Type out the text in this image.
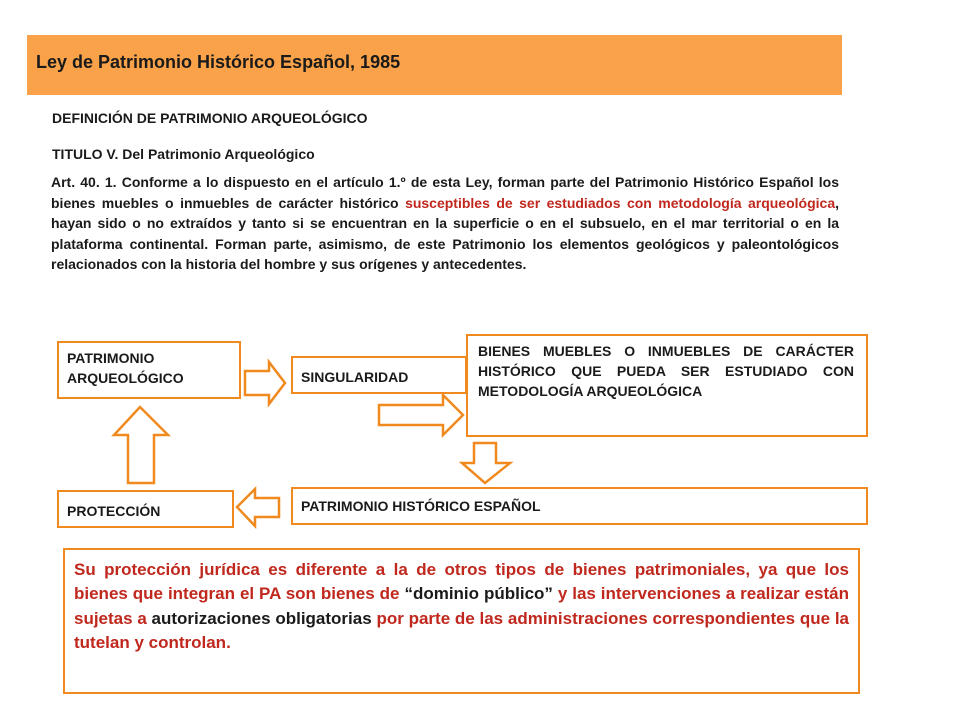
Ley de Patrimonio Histórico Español, 1985
DEFINICIÓN DE PATRIMONIO ARQUEOLÓGICO
TITULO V. Del Patrimonio Arqueológico
Art. 40. 1. Conforme a lo dispuesto en el artículo 1.º de esta Ley, forman parte del Patrimonio Histórico Español los bienes muebles o inmuebles de carácter histórico susceptibles de ser estudiados con metodología arqueológica, hayan sido o no extraídos y tanto si se encuentran en la superficie o en el subsuelo, en el mar territorial o en la plataforma continental. Forman parte, asimismo, de este Patrimonio los elementos geológicos y paleontológicos relacionados con la historia del hombre y sus orígenes y antecedentes.
PATRIMONIO ARQUEOLÓGICO	SINGULARIDAD
BIENES MUEBLES O INMUEBLES DE CARÁCTER HISTÓRICO QUE PUEDA SER ESTUDIADO CON METODOLOGÍA ARQUEOLÓGICA
PATRIMONIO HISTÓRICO ESPAÑOL
PROTECCIÓN
Su protección jurídica es diferente a la de otros tipos de bienes patrimoniales, ya que los bienes que integran el PA son bienes de “dominio público” y las intervenciones a realizar están sujetas a autorizaciones obligatorias por parte de las administraciones correspondientes que la tutelan y controlan.
